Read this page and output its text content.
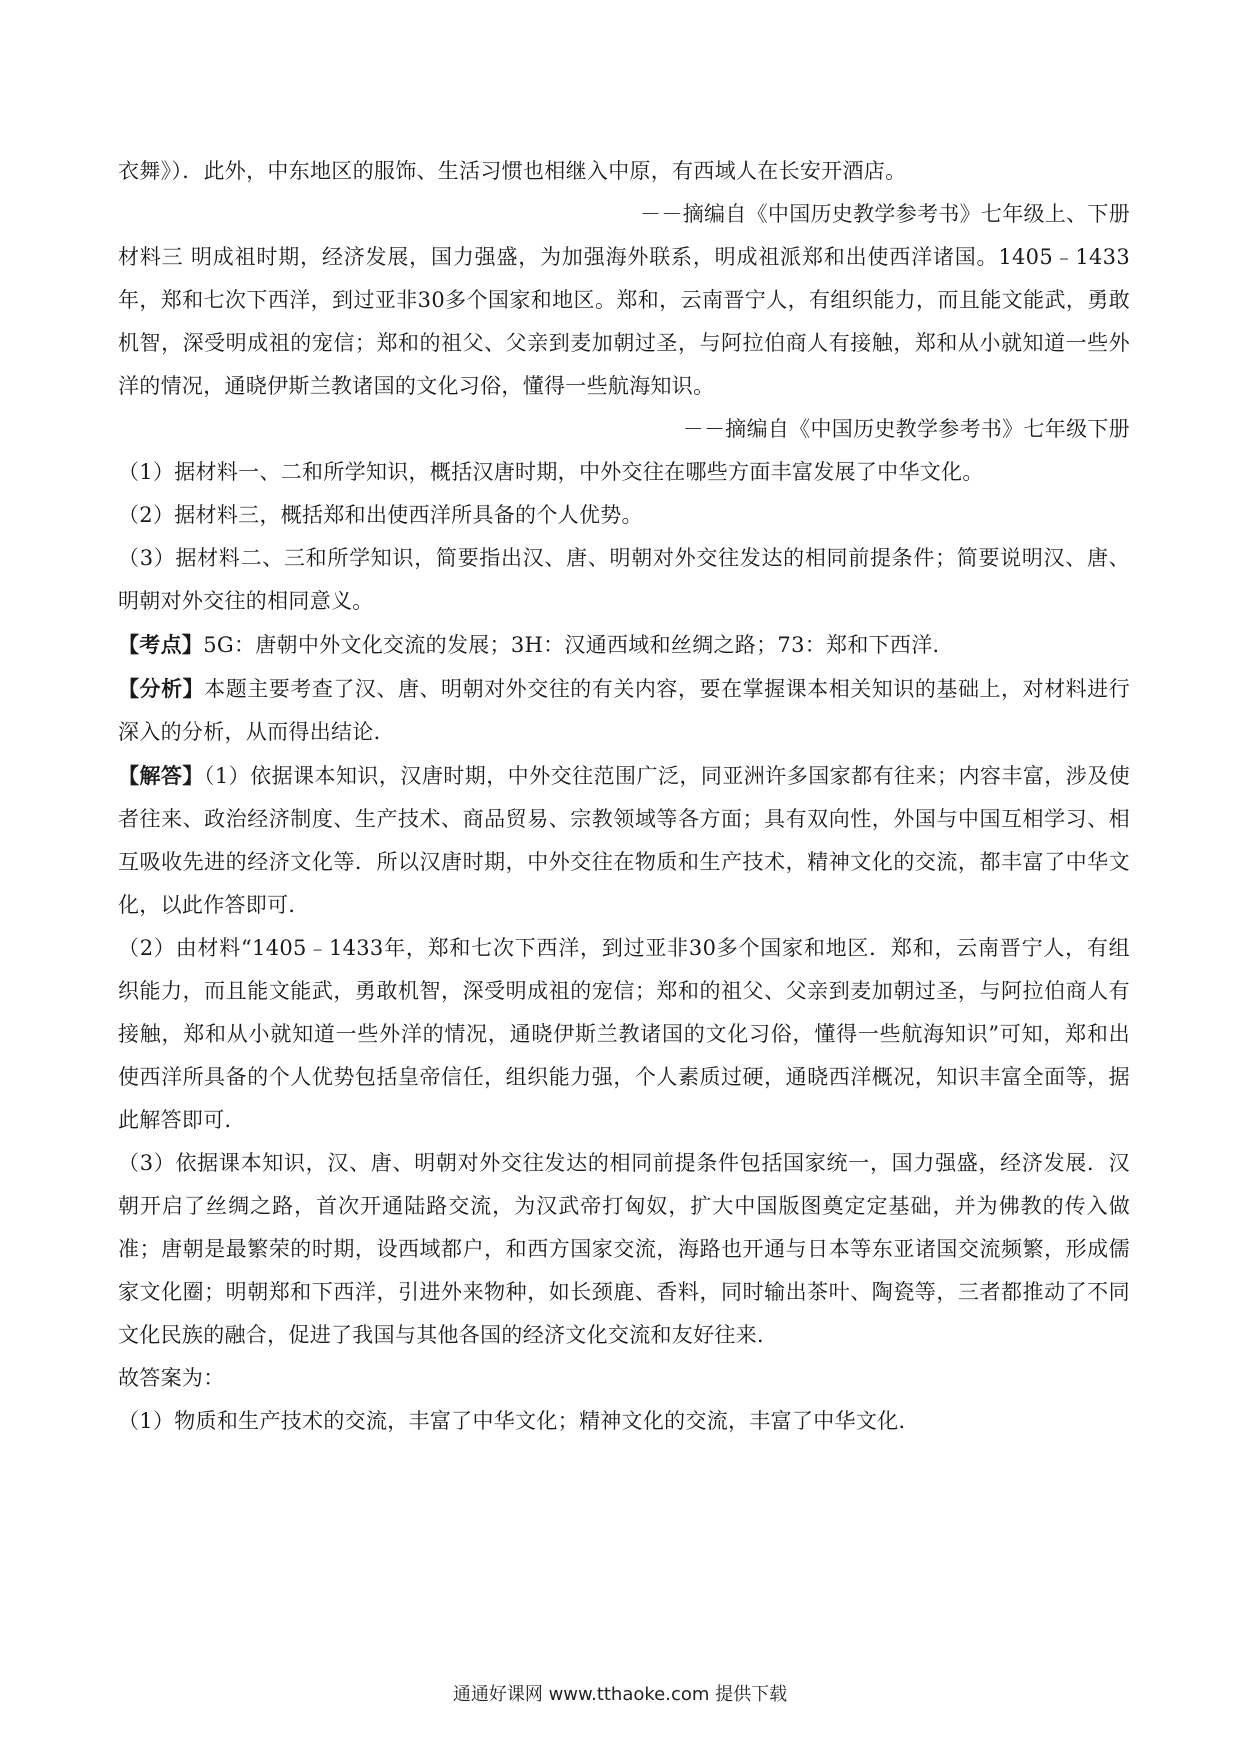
衣舞》）．此外，中东地区的服饰、生活习惯也相继入中原，有西域人在长安开酒店。

－－摘编自《中国历史教学参考书》七年级上、下册

材料三 明成祖时期，经济发展，国力强盛，为加强海外联系，明成祖派郑和出使西洋诸国。1405﹣1433年，郑和七次下西洋，到过亚非30多个国家和地区。郑和，云南晋宁人，有组织能力，而且能文能武，勇敢机智，深受明成祖的宠信；郑和的祖父、父亲到麦加朝过圣，与阿拉伯商人有接触，郑和从小就知道一些外洋的情况，通晓伊斯兰教诸国的文化习俗，懂得一些航海知识。

－－摘编自《中国历史教学参考书》七年级下册

（1）据材料一、二和所学知识，概括汉唐时期，中外交往在哪些方面丰富发展了中华文化。

（2）据材料三，概括郑和出使西洋所具备的个人优势。

（3）据材料二、三和所学知识，简要指出汉、唐、明朝对外交往发达的相同前提条件；简要说明汉、唐、明朝对外交往的相同意义。

【考点】5G：唐朝中外文化交流的发展；3H：汉通西域和丝绸之路；73：郑和下西洋．

【分析】本题主要考查了汉、唐、明朝对外交往的有关内容，要在掌握课本相关知识的基础上，对材料进行深入的分析，从而得出结论．

【解答】（1）依据课本知识，汉唐时期，中外交往范围广泛，同亚洲许多国家都有往来；内容丰富，涉及使者往来、政治经济制度、生产技术、商品贸易、宗教领域等各方面；具有双向性，外国与中国互相学习、相互吸收先进的经济文化等．所以汉唐时期，中外交往在物质和生产技术，精神文化的交流，都丰富了中华文化，以此作答即可．

（2）由材料“1405﹣1433年，郑和七次下西洋，到过亚非30多个国家和地区．郑和，云南晋宁人，有组织能力，而且能文能武，勇敢机智，深受明成祖的宠信；郑和的祖父、父亲到麦加朝过圣，与阿拉伯商人有接触，郑和从小就知道一些外洋的情况，通晓伊斯兰教诸国的文化习俗，懂得一些航海知识”可知，郑和出使西洋所具备的个人优势包括皇帝信任，组织能力强，个人素质过硬，通晓西洋概况，知识丰富全面等，据此解答即可．

（3）依据课本知识，汉、唐、明朝对外交往发达的相同前提条件包括国家统一，国力强盛，经济发展．汉朝开启了丝绸之路，首次开通陆路交流，为汉武帝打匈奴，扩大中国版图奠定定基础，并为佛教的传入做准；唐朝是最繁荣的时期，设西域都户，和西方国家交流，海路也开通与日本等东亚诸国交流频繁，形成儒家文化圈；明朝郑和下西洋，引进外来物种，如长颈鹿、香料，同时输出茶叶、陶瓷等，三者都推动了不同文化民族的融合，促进了我国与其他各国的经济文化交流和友好往来．

故答案为：

（1）物质和生产技术的交流，丰富了中华文化；精神文化的交流，丰富了中华文化．

通通好课网 www.tthaoke.com 提供下载
